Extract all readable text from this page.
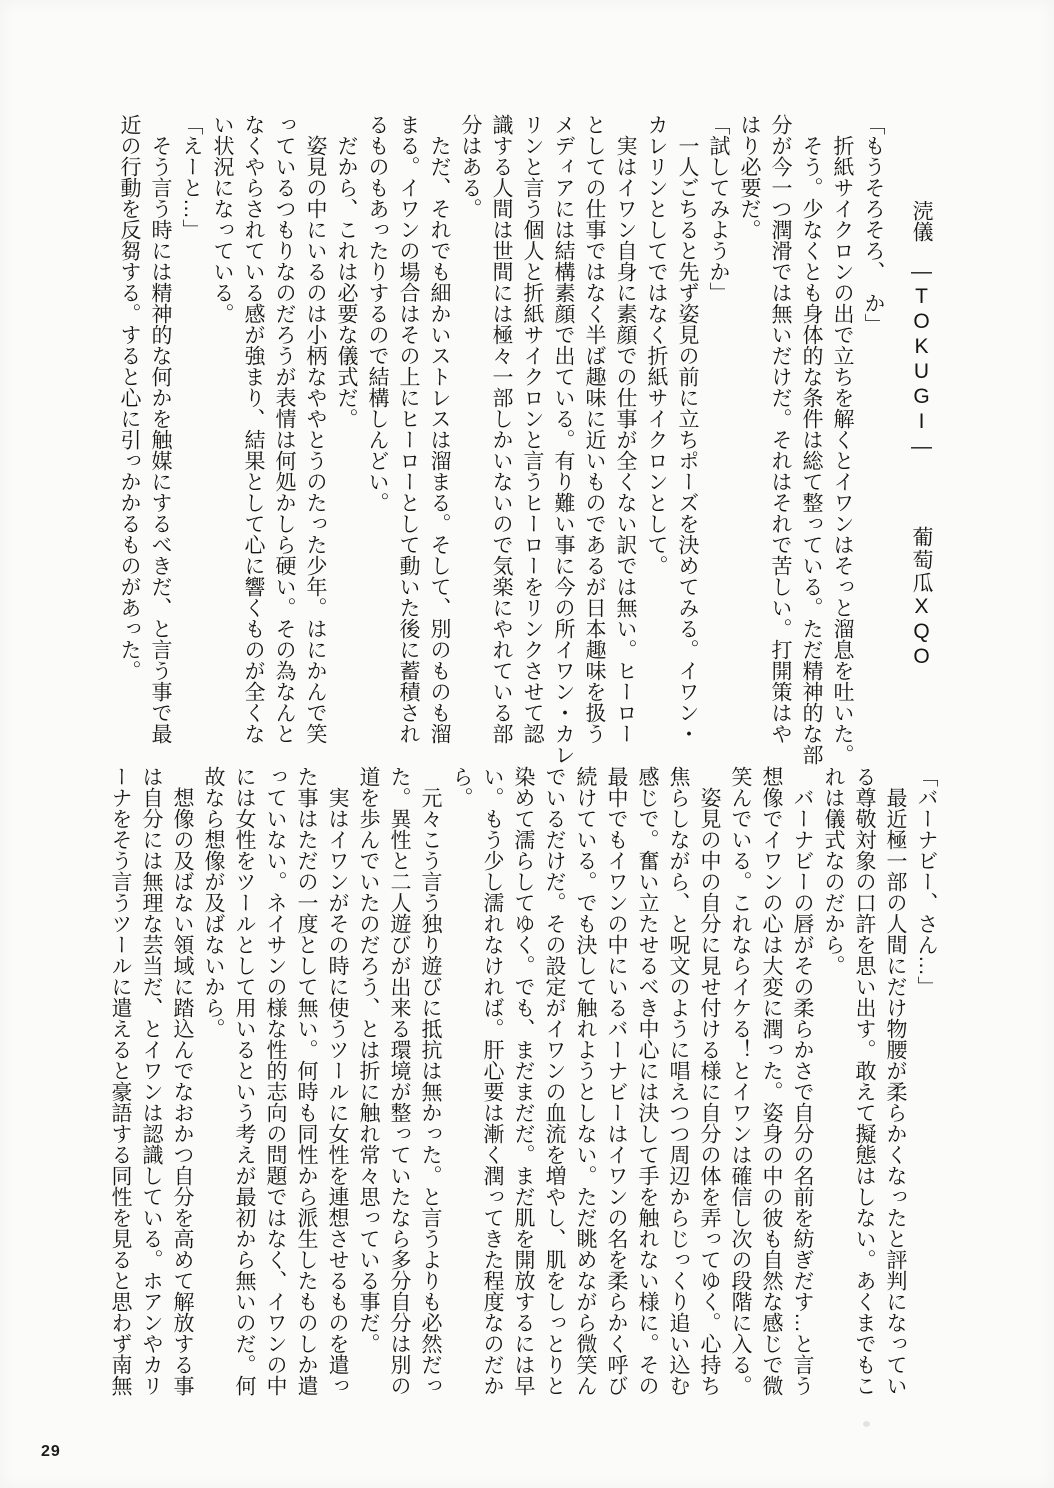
涜儀 ―TOKUGI― 葡萄瓜XQO
「もうそろそろ、　か」
　折紙サイクロンの出で立ちを解くとイワンはそっと溜息を吐いた。
　そう。少なくとも身体的な条件は総て整っている。ただ精神的な部
分が今一つ潤滑では無いだけだ。それはそれで苦しい。打開策はや
はり必要だ。
「試してみようか」
　一人ごちると先ず姿見の前に立ちポーズを決めてみる。イワン・
カレリンとしてではなく折紙サイクロンとして。
　実はイワン自身に素顔での仕事が全くない訳では無い。ヒーロー
としての仕事ではなく半ば趣味に近いものであるが日本趣味を扱う
メディアには結構素顔で出ている。有り難い事に今の所イワン・カレ
リンと言う個人と折紙サイクロンと言うヒーローをリンクさせて認
識する人間は世間には極々一部しかいないので気楽にやれている部
分はある。
　ただ、それでも細かいストレスは溜まる。そして、別のものも溜
まる。イワンの場合はその上にヒーローとして動いた後に蓄積され
るものもあったりするので結構しんどい。
　だから、これは必要な儀式だ。
　姿見の中にいるのは小柄なややとうのたった少年。はにかんで笑
っているつもりなのだろうが表情は何処かしら硬い。その為なんと
なくやらされている感が強まり、結果として心に響くものが全くな
い状況になっている。
「えーと…」
　そう言う時には精神的な何かを触媒にするべきだ、と言う事で最
近の行動を反芻する。すると心に引っかかるものがあった。
「バーナビー、さん…」
　最近極一部の人間にだけ物腰が柔らかくなったと評判になってい
る尊敬対象の口許を思い出す。敢えて擬態はしない。あくまでもこ
れは儀式なのだから。
　バーナビーの唇がその柔らかさで自分の名前を紡ぎだす…と言う
想像でイワンの心は大変に潤った。姿身の中の彼も自然な感じで微
笑んでいる。これならイケる！とイワンは確信し次の段階に入る。
　姿見の中の自分に見せ付ける様に自分の体を弄ってゆく。心持ち
焦らしながら、と呪文のように唱えつつ周辺からじっくり追い込む
感じで。奮い立たせるべき中心には決して手を触れない様に。その
最中でもイワンの中にいるバーナビーはイワンの名を柔らかく呼び
続けている。でも決して触れようとしない。ただ眺めながら微笑ん
でいるだけだ。その設定がイワンの血流を増やし、肌をしっとりと
染めて濡らしてゆく。でも、まだまだだ。まだ肌を開放するには早
い。もう少し濡れなければ。肝心要は漸く潤ってきた程度なのだか
ら。
　元々こう言う独り遊びに抵抗は無かった。と言うよりも必然だっ
た。異性と二人遊びが出来る環境が整っていたなら多分自分は別の
道を歩んでいたのだろう、とは折に触れ常々思っている事だ。
　実はイワンがその時に使うツールに女性を連想させるものを遣っ
た事はただの一度として無い。何時も同性から派生したものしか遣
っていない。ネイサンの様な性的志向の問題ではなく、イワンの中
には女性をツールとして用いるという考えが最初から無いのだ。何
故なら想像が及ばないから。
　想像の及ばない領域に踏込んでなおかつ自分を高めて解放する事
は自分には無理な芸当だ、とイワンは認識している。ホアンやカリ
ーナをそう言うツールに遣えると豪語する同性を見ると思わず南無
29
